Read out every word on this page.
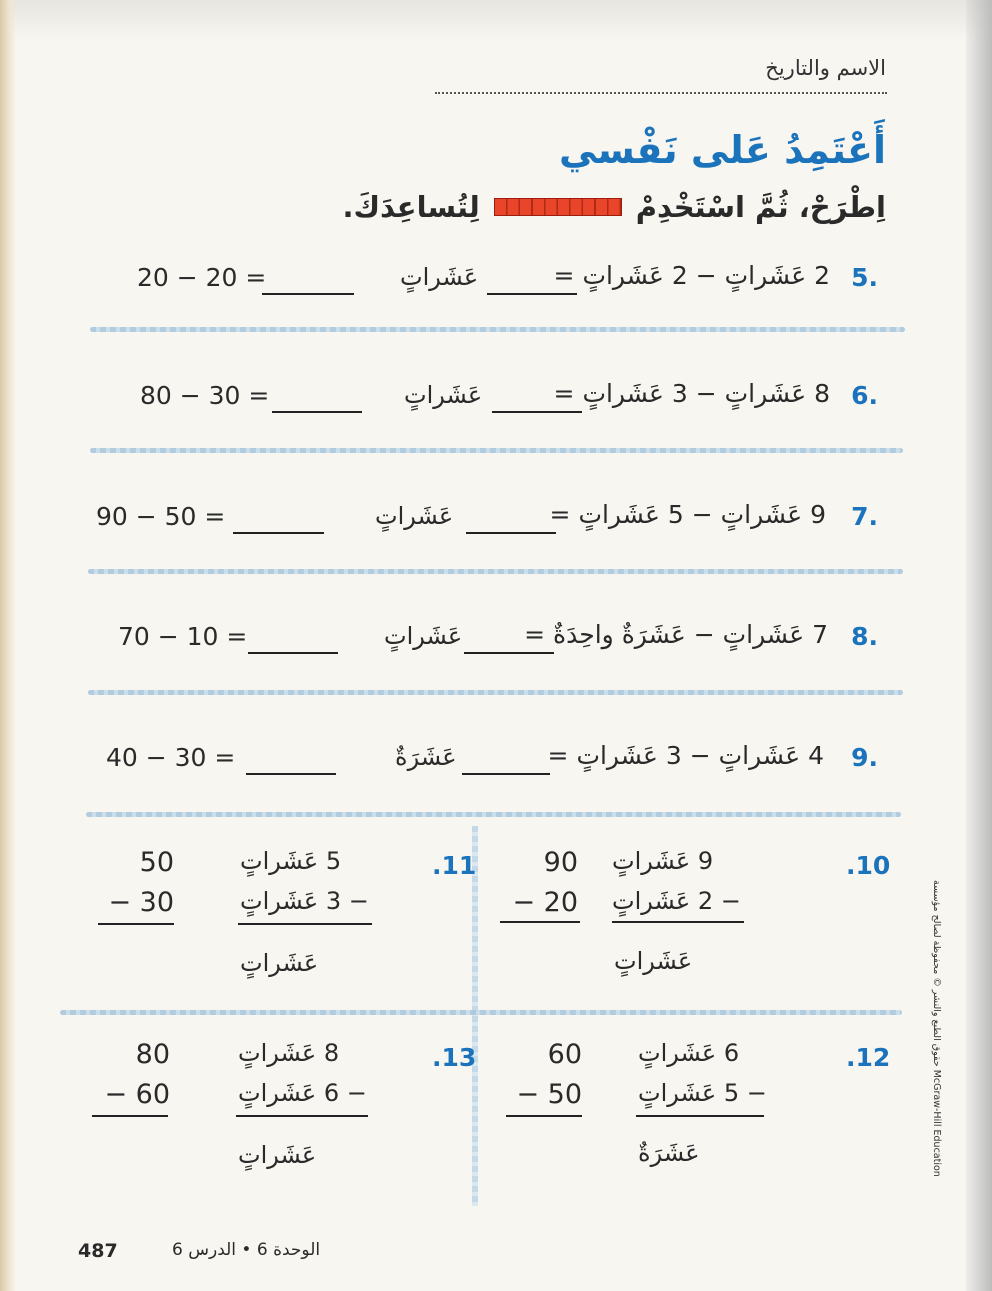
الاسم والتاريخ
أَعْتَمِدُ عَلى نَفْسي
اِطْرَحْ، ثُمَّ اسْتَخْدِمْ
لِتُساعِدَكَ.
5.
2 عَشَراتٍ − 2 عَشَراتٍ =
عَشَراتٍ
20 − 20 =
6.
8 عَشَراتٍ − 3 عَشَراتٍ =
عَشَراتٍ
80 − 30 =
7.
9 عَشَراتٍ − 5 عَشَراتٍ =
عَشَراتٍ
90 − 50 =
8.
7 عَشَراتٍ − عَشَرَةٌ واحِدَةٌ =
عَشَراتٍ
70 − 10 =
9.
4 عَشَراتٍ − 3 عَشَراتٍ =
عَشَرَةٌ
40 − 30 =
.10
9 عَشَراتٍ
− 2 عَشَراتٍ
عَشَراتٍ
90
− 20
.11
5 عَشَراتٍ
− 3 عَشَراتٍ
عَشَراتٍ
50
− 30
.12
6 عَشَراتٍ
− 5 عَشَراتٍ
عَشَرَةٌ
60
− 50
.13
8 عَشَراتٍ
− 6 عَشَراتٍ
عَشَراتٍ
80
− 60
487	الوحدة 6 • الدرس 6
حقوق الطبع والنشر © محفوظة لصالح مؤسسة McGraw-Hill Education
